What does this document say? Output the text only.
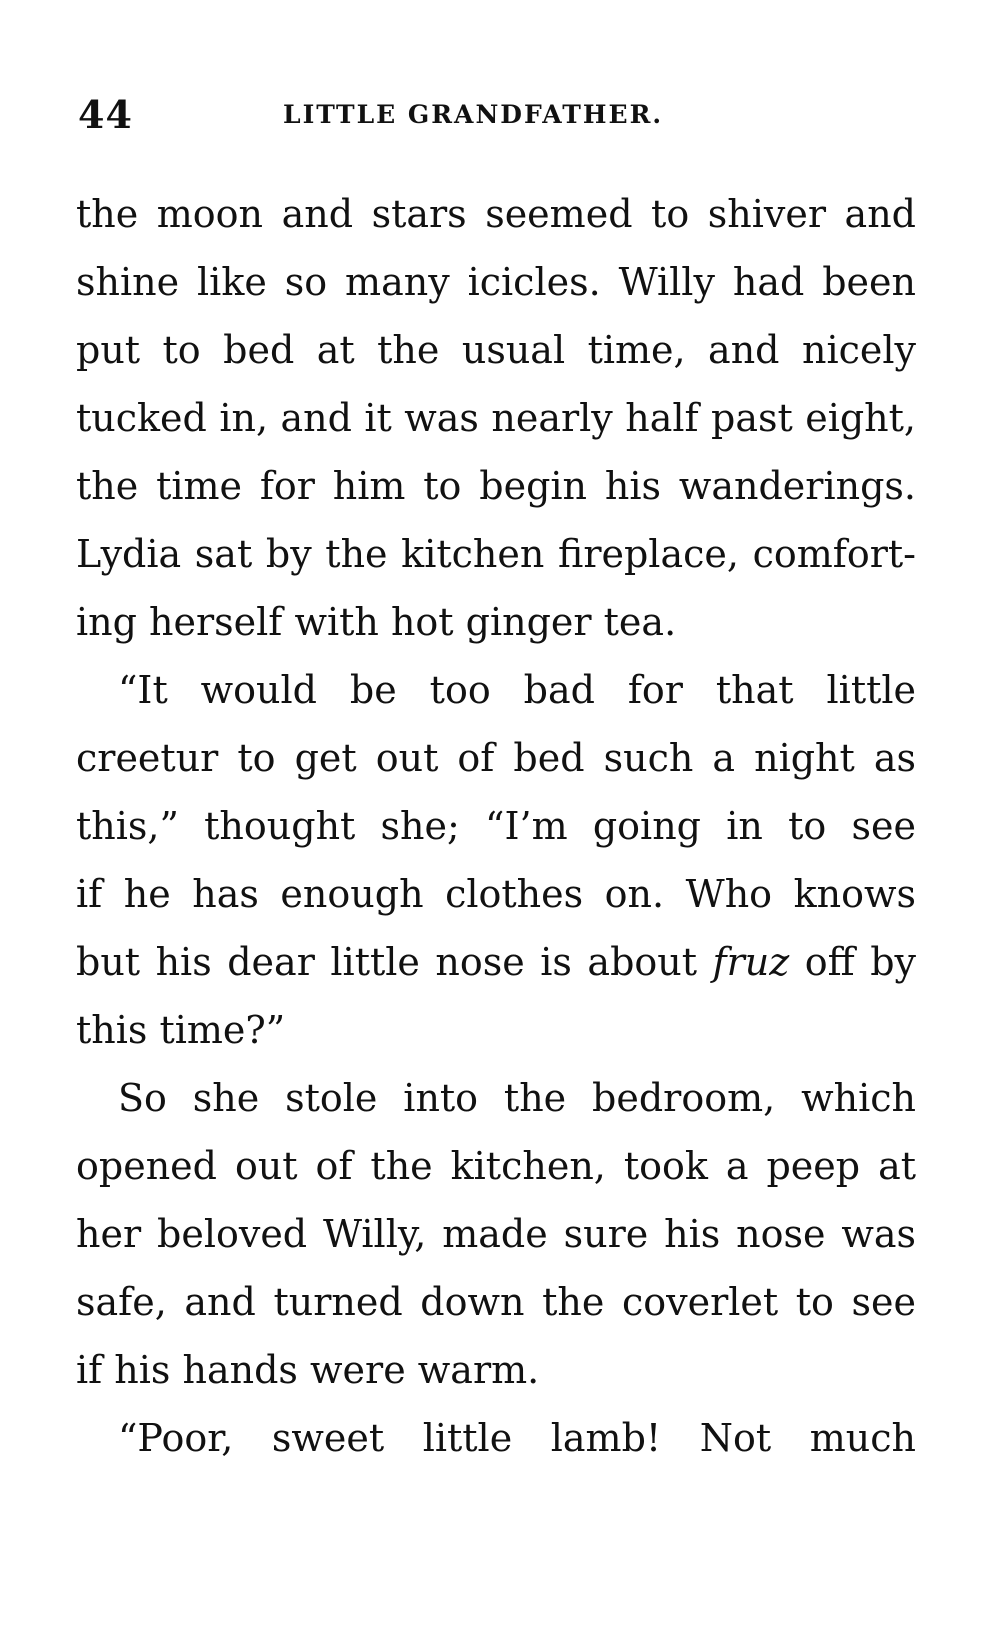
44	LITTLE GRANDFATHER.
the moon and stars seemed to shiver and
shine like so many icicles. Willy had been
put to bed at the usual time, and nicely
tucked in, and it was nearly half past eight,
the time for him to begin his wanderings.
Lydia sat by the kitchen fireplace, comfort-
ing herself with hot ginger tea.
“It would be too bad for that little
creetur to get out of bed such a night as
this,” thought she; “I’m going in to see
if he has enough clothes on. Who knows
but his dear little nose is about fruz off by
this time?”
So she stole into the bedroom, which
opened out of the kitchen, took a peep at
her beloved Willy, made sure his nose was
safe, and turned down the coverlet to see
if his hands were warm.
“Poor, sweet little lamb! Not much
